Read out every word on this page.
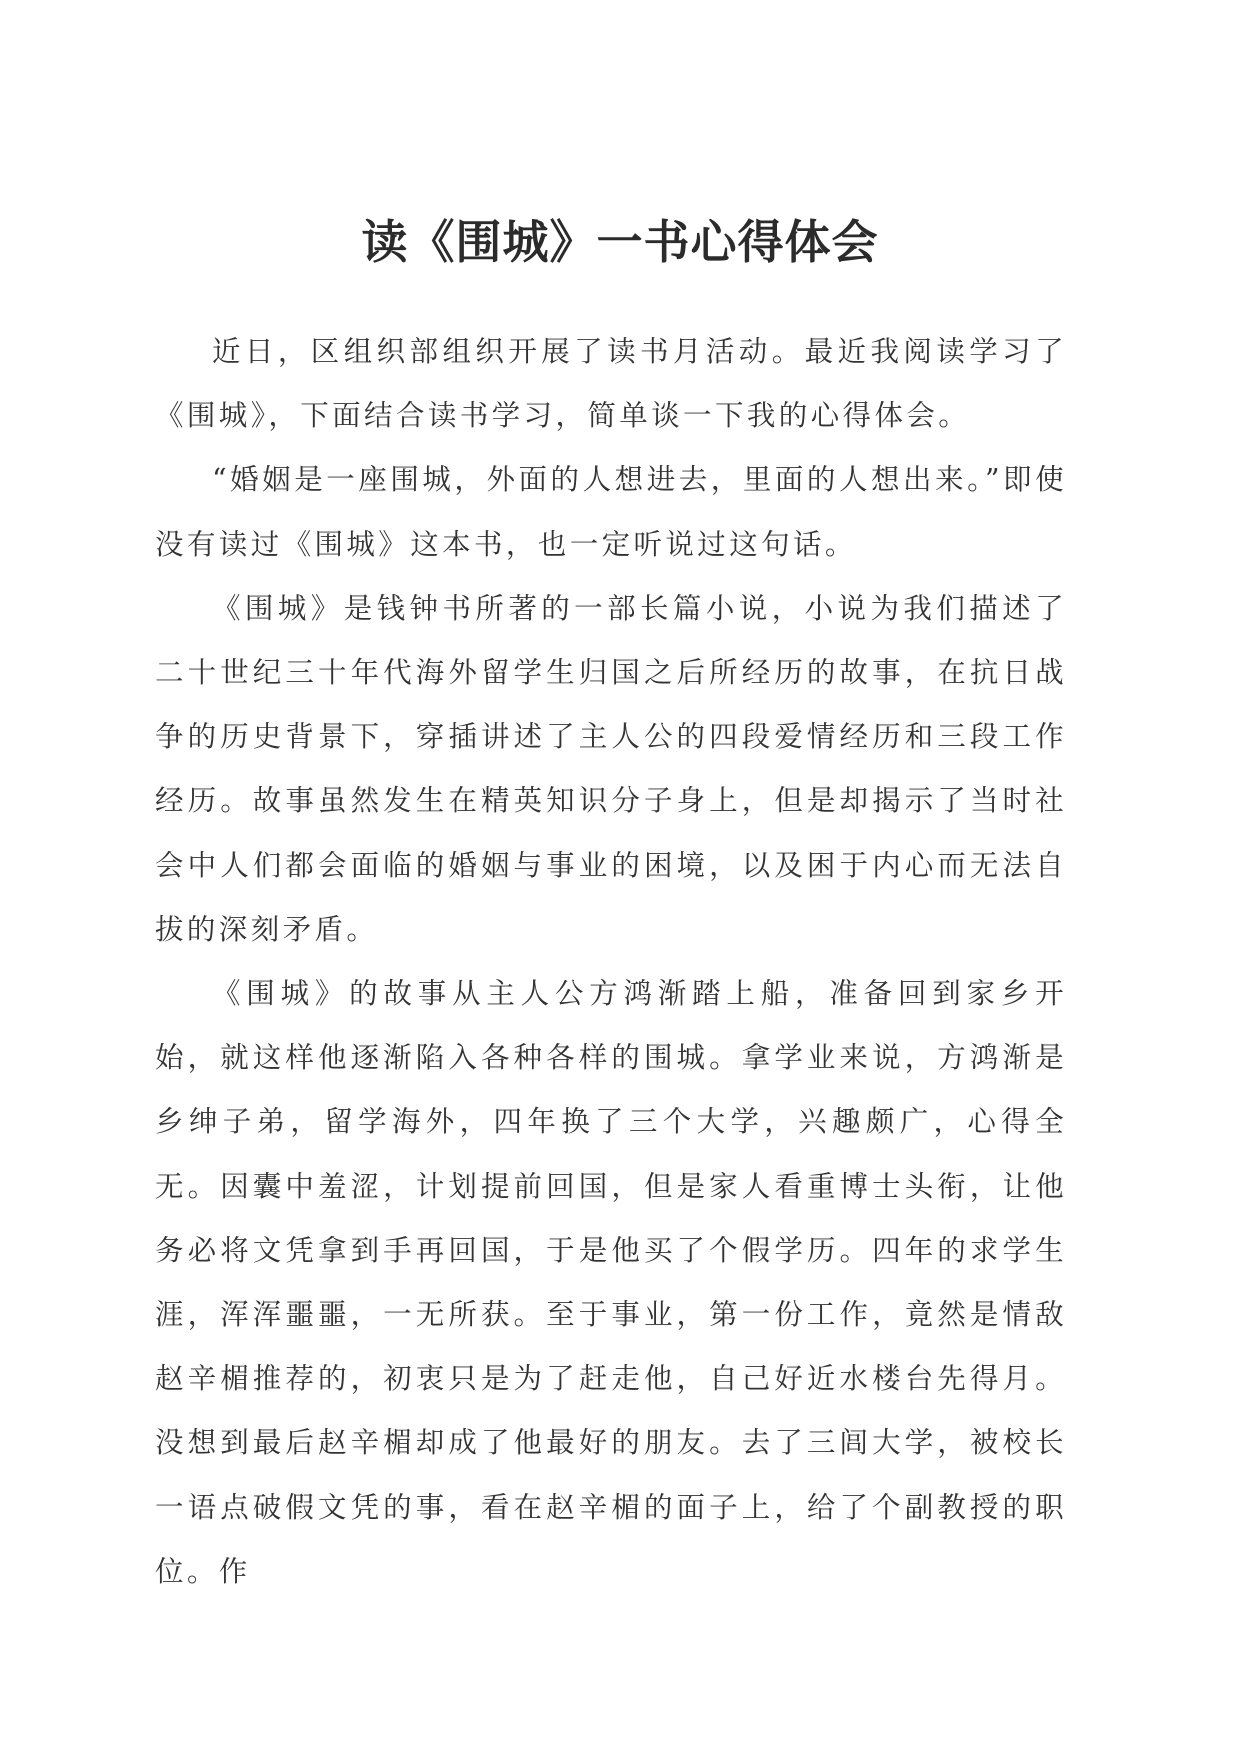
读《围城》一书心得体会

近日，区组织部组织开展了读书月活动。最近我阅读学习了《围城》，下面结合读书学习，简单谈一下我的心得体会。

“婚姻是一座围城，外面的人想进去，里面的人想出来。”即使没有读过《围城》这本书，也一定听说过这句话。

《围城》是钱钟书所著的一部长篇小说，小说为我们描述了二十世纪三十年代海外留学生归国之后所经历的故事，在抗日战争的历史背景下，穿插讲述了主人公的四段爱情经历和三段工作经历。故事虽然发生在精英知识分子身上，但是却揭示了当时社会中人们都会面临的婚姻与事业的困境，以及困于内心而无法自拔的深刻矛盾。

《围城》的故事从主人公方鸿渐踏上船，准备回到家乡开始，就这样他逐渐陷入各种各样的围城。拿学业来说，方鸿渐是乡绅子弟，留学海外，四年换了三个大学，兴趣颇广，心得全无。因囊中羞涩，计划提前回国，但是家人看重博士头衔，让他务必将文凭拿到手再回国，于是他买了个假学历。四年的求学生涯，浑浑噩噩，一无所获。至于事业，第一份工作，竟然是情敌赵辛楣推荐的，初衷只是为了赶走他，自己好近水楼台先得月。没想到最后赵辛楣却成了他最好的朋友。去了三闾大学，被校长一语点破假文凭的事，看在赵辛楣的面子上，给了个副教授的职位。作
